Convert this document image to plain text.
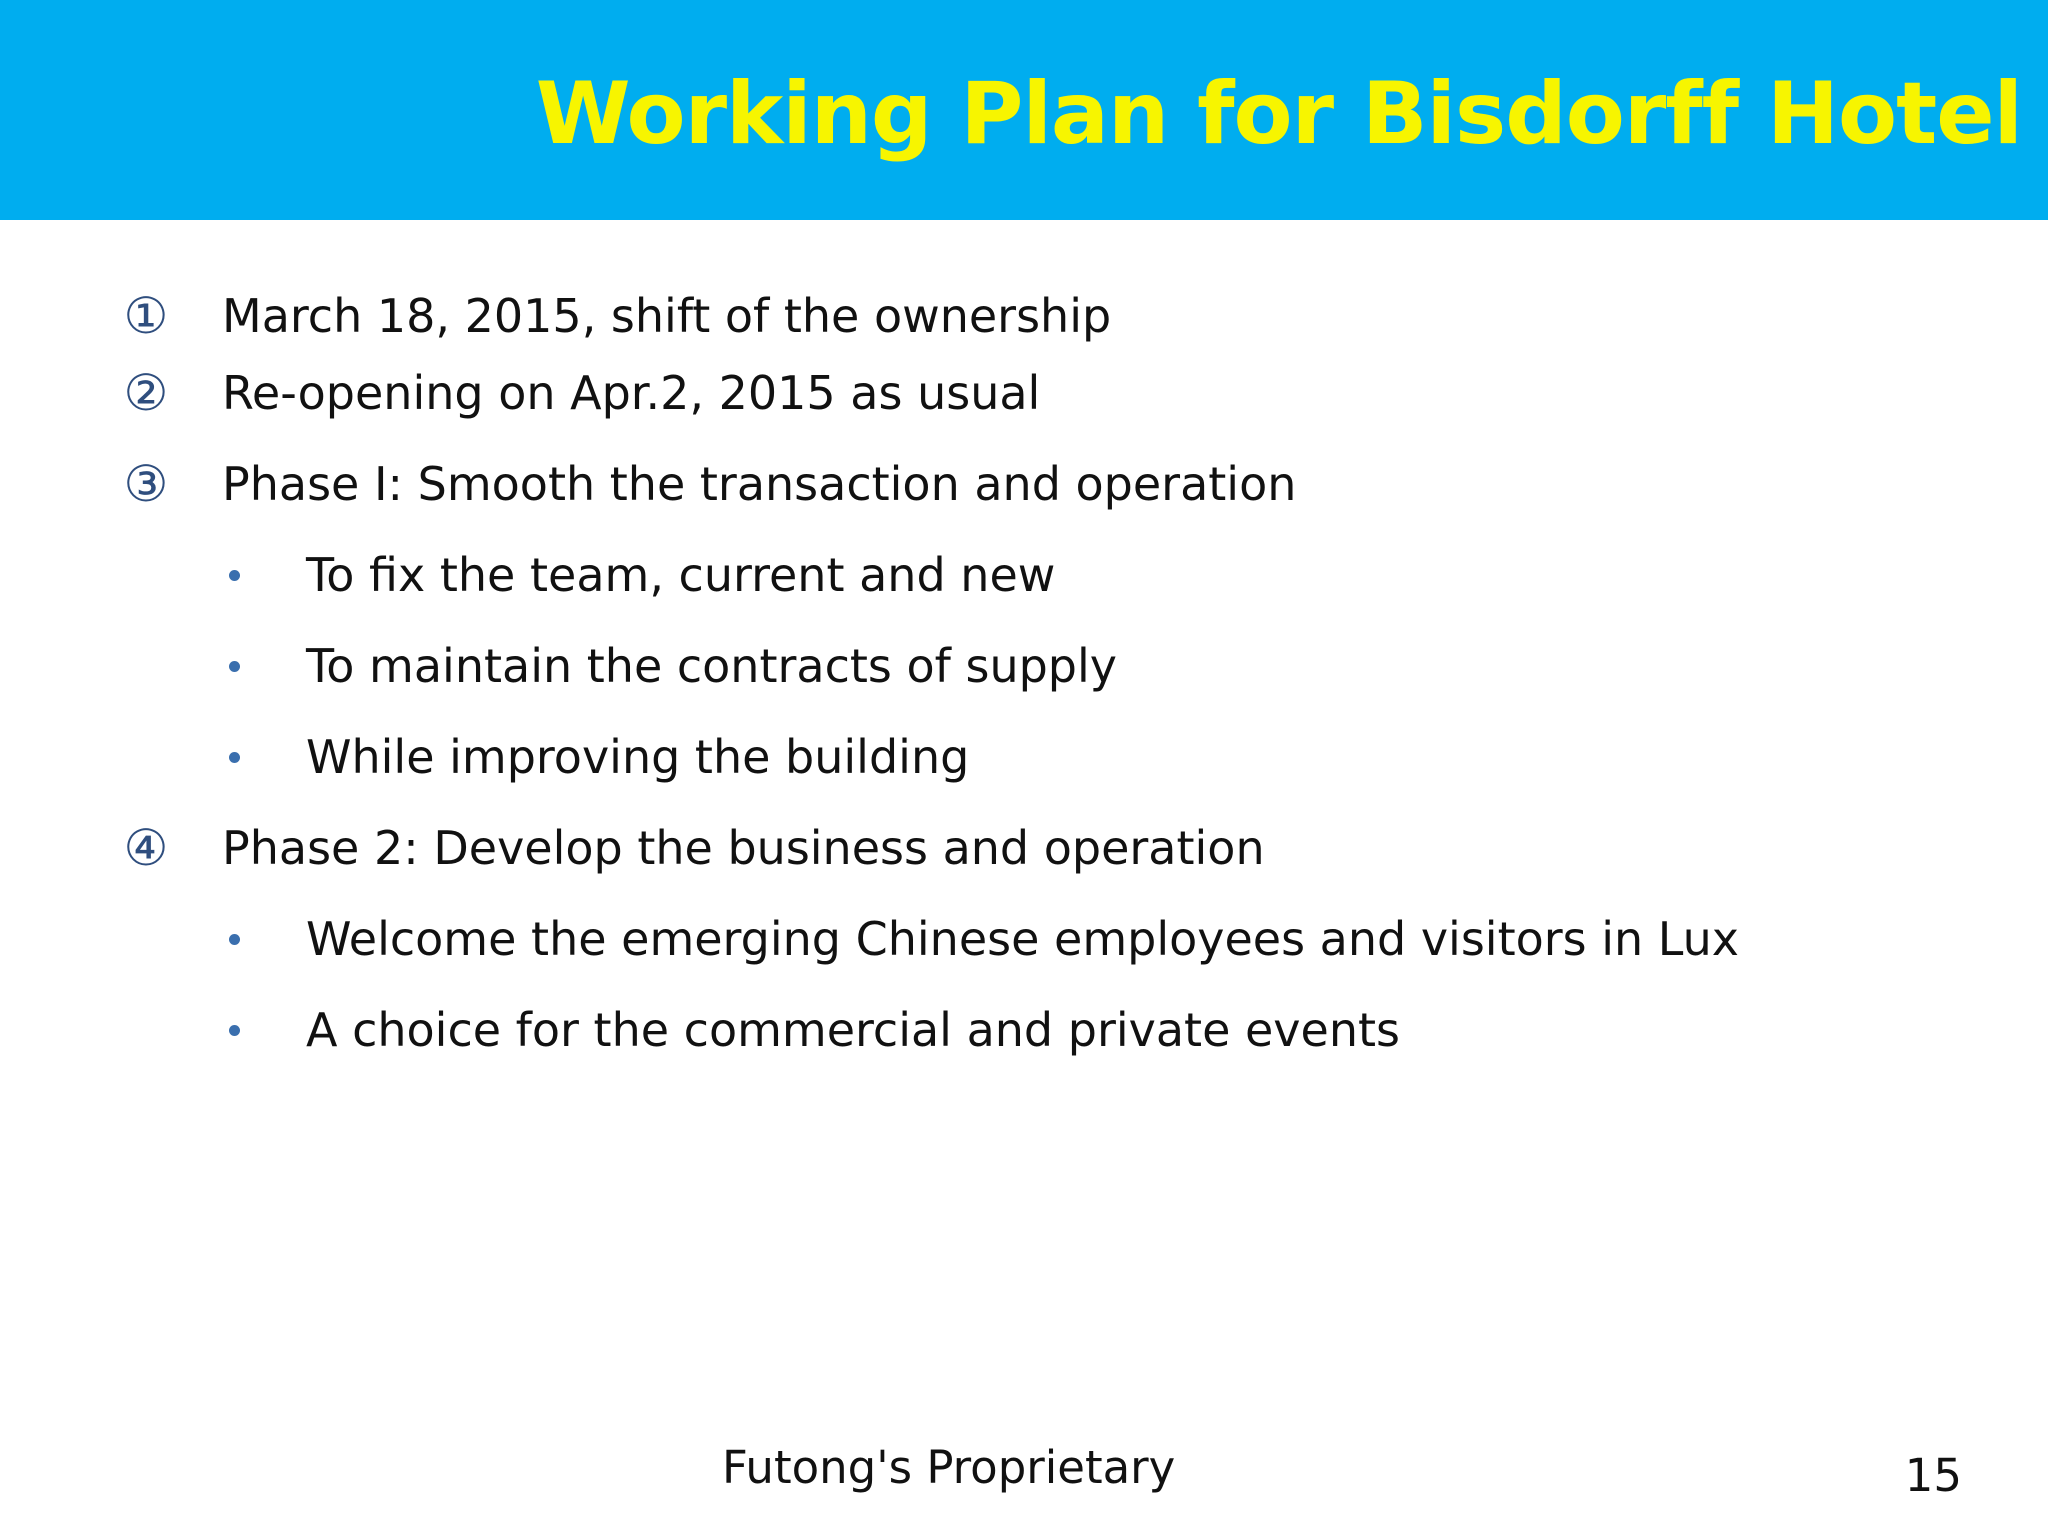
Working Plan for Bisdorff Hotel
①	March 18, 2015, shift of the ownership
②	Re-opening on Apr.2, 2015 as usual
③	Phase I: Smooth the transaction and operation
To fix the team, current and new
To maintain the contracts of supply
While improving the building
④	Phase 2: Develop the business and operation
Welcome the emerging Chinese employees and visitors in Lux
A choice for the commercial and private events
Futong's Proprietary	15
